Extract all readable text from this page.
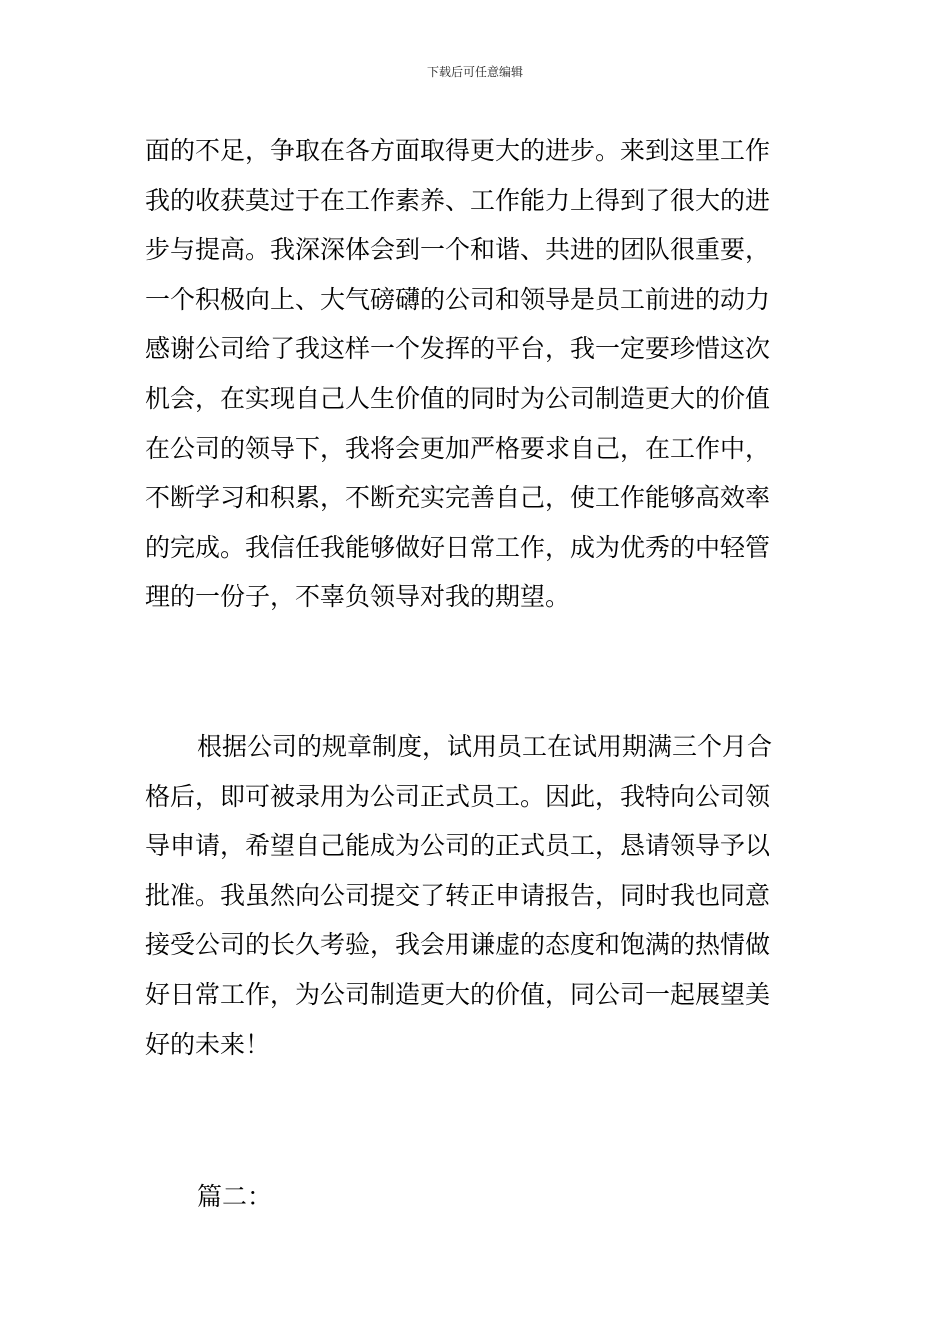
下载后可任意编辑
面的不足，争取在各方面取得更大的进步。来到这里工作
我的收获莫过于在工作素养、工作能力上得到了很大的进
步与提高。我深深体会到一个和谐、共进的团队很重要，
一个积极向上、大气磅礴的公司和领导是员工前进的动力
感谢公司给了我这样一个发挥的平台，我一定要珍惜这次
机会，在实现自己人生价值的同时为公司制造更大的价值
在公司的领导下，我将会更加严格要求自己，在工作中，
不断学习和积累，不断充实完善自己，使工作能够高效率
的完成。我信任我能够做好日常工作，成为优秀的中轻管
理的一份子，不辜负领导对我的期望。
根据公司的规章制度，试用员工在试用期满三个月合
格后，即可被录用为公司正式员工。因此，我特向公司领
导申请，希望自己能成为公司的正式员工，恳请领导予以
批准。我虽然向公司提交了转正申请报告，同时我也同意
接受公司的长久考验，我会用谦虚的态度和饱满的热情做
好日常工作，为公司制造更大的价值，同公司一起展望美
好的未来！
篇二：
